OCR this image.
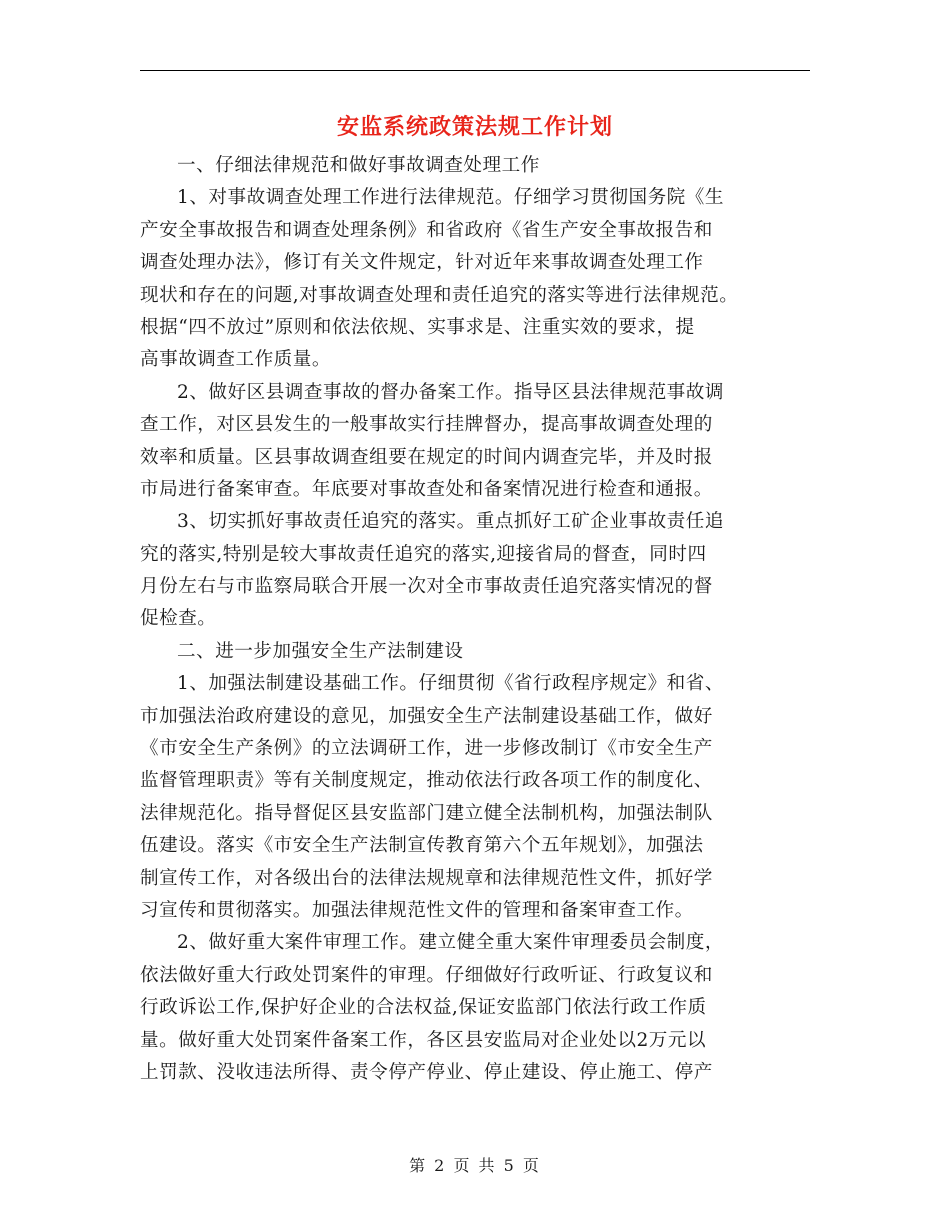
安监系统政策法规工作计划
一、仔细法律规范和做好事故调查处理工作
1、对事故调查处理工作进行法律规范。仔细学习贯彻国务院《生
产安全事故报告和调查处理条例》和省政府《省生产安全事故报告和
调查处理办法》，修订有关文件规定，针对近年来事故调查处理工作
现状和存在的问题,对事故调查处理和责任追究的落实等进行法律规范。
根据“四不放过”原则和依法依规、实事求是、注重实效的要求，提
高事故调查工作质量。
2、做好区县调查事故的督办备案工作。指导区县法律规范事故调
查工作，对区县发生的一般事故实行挂牌督办，提高事故调查处理的
效率和质量。区县事故调查组要在规定的时间内调查完毕，并及时报
市局进行备案审查。年底要对事故查处和备案情况进行检查和通报。
3、切实抓好事故责任追究的落实。重点抓好工矿企业事故责任追
究的落实,特别是较大事故责任追究的落实,迎接省局的督查，同时四
月份左右与市监察局联合开展一次对全市事故责任追究落实情况的督
促检查。
二、进一步加强安全生产法制建设
1、加强法制建设基础工作。仔细贯彻《省行政程序规定》和省、
市加强法治政府建设的意见，加强安全生产法制建设基础工作，做好
《市安全生产条例》的立法调研工作，进一步修改制订《市安全生产
监督管理职责》等有关制度规定，推动依法行政各项工作的制度化、
法律规范化。指导督促区县安监部门建立健全法制机构，加强法制队
伍建设。落实《市安全生产法制宣传教育第六个五年规划》，加强法
制宣传工作，对各级出台的法律法规规章和法律规范性文件，抓好学
习宣传和贯彻落实。加强法律规范性文件的管理和备案审查工作。
2、做好重大案件审理工作。建立健全重大案件审理委员会制度，
依法做好重大行政处罚案件的审理。仔细做好行政听证、行政复议和
行政诉讼工作,保护好企业的合法权益,保证安监部门依法行政工作质
量。做好重大处罚案件备案工作，各区县安监局对企业处以2万元以
上罚款、没收违法所得、责令停产停业、停止建设、停止施工、停产
第 2 页 共 5 页
